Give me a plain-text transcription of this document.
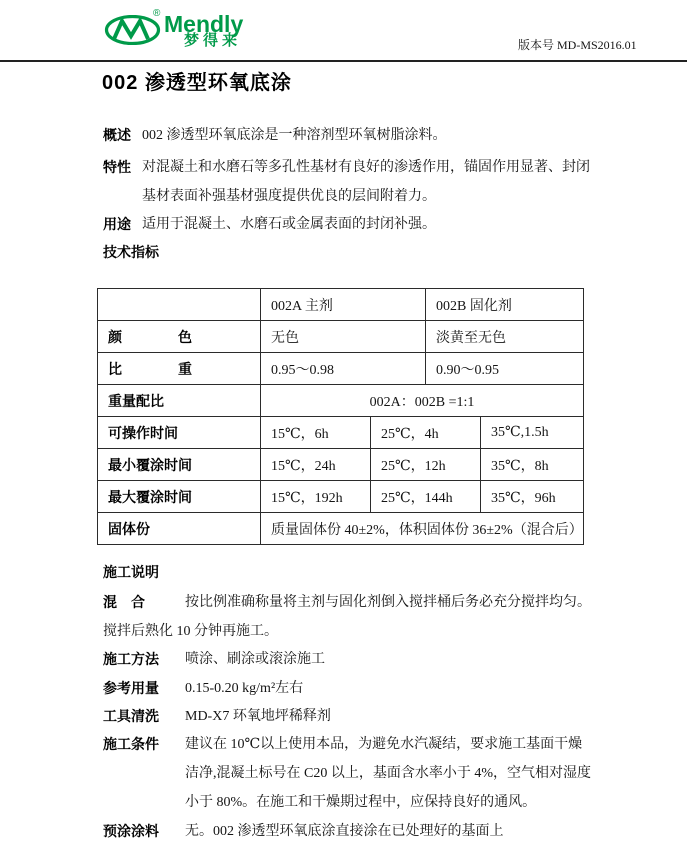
® Mendly
梦得来	版本号 MD-MS2016.01
002 渗透型环氧底涂
概述 002 渗透型环氧底涂是一种溶剂型环氧树脂涂料。
特性 对混凝土和水磨石等多孔性基材有良好的渗透作用，锚固作用显著、封闭
基材表面补强基材强度提供优良的层间附着力。
用途 适用于混凝土、水磨石或金属表面的封闭补强。
技术指标
	002A 主剂		002B 固化剂	
颜　　　　色	无色		淡黄至无色	
比　　　　重	0.95～0.98		0.90～0.95	
重量配比	002A：002B =1:1			
可操作时间	15℃，6h	25℃，4h		35℃,1.5h
最小覆涂时间	15℃，24h	25℃，12h		35℃，8h
最大覆涂时间	15℃，192h	25℃，144h		35℃，96h
固体份	质量固体份 40±2%，体积固体份 36±2%（混合后）			
施工说明
混　合	按比例准确称量将主剂与固化剂倒入搅拌桶后务必充分搅拌均匀。
搅拌后熟化 10 分钟再施工。
施工方法 喷涂、刷涂或滚涂施工
参考用量 0.15-0.20 kg/m²左右
工具清洗 MD-X7 环氧地坪稀释剂
施工条件 建议在 10℃以上使用本品，为避免水汽凝结，要求施工基面干燥
洁净,混凝土标号在 C20 以上，基面含水率小于 4%，空气相对湿度
小于 80%。在施工和干燥期过程中，应保持良好的通风。
预涂涂料 无。002 渗透型环氧底涂直接涂在已处理好的基面上
